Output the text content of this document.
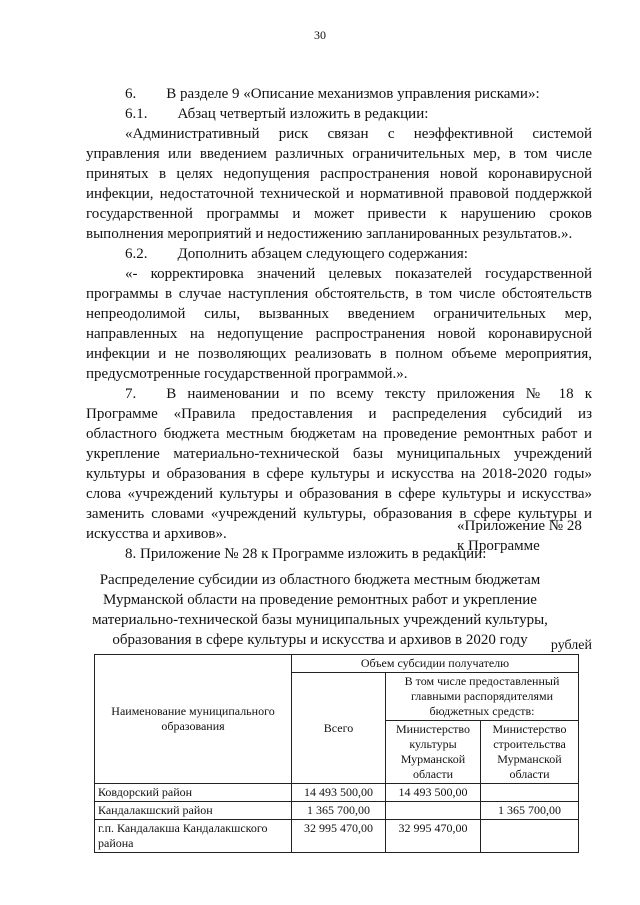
30
6.  В разделе 9 «Описание механизмов управления рисками»:
6.1.  Абзац четвертый изложить в редакции:
«Административный риск связан с неэффективной системой
управления или введением различных ограничительных мер, в том числе
принятых в целях недопущения распространения новой коронавирусной
инфекции, недостаточной технической и нормативной правовой поддержкой
государственной программы и может привести к нарушению сроков
выполнения мероприятий и недостижению запланированных результатов.».
6.2.  Дополнить абзацем следующего содержания:
«- корректировка значений целевых показателей государственной
программы в случае наступления обстоятельств, в том числе обстоятельств
непреодолимой силы, вызванных введением ограничительных мер,
направленных на недопущение распространения новой коронавирусной
инфекции и не позволяющих реализовать в полном объеме мероприятия,
предусмотренные государственной программой.».
7.  В наименовании и по всему тексту приложения № 18 к
Программе «Правила предоставления и распределения субсидий из
областного бюджета местным бюджетам на проведение ремонтных работ и
укрепление материально-технической базы муниципальных учреждений
культуры и образования в сфере культуры и искусства на 2018-2020 годы»
слова «учреждений культуры и образования в сфере культуры и искусства»
заменить словами «учреждений культуры, образования в сфере культуры и
искусства и архивов».
8. Приложение № 28 к Программе изложить в редакции:
«Приложение № 28
к Программе
Распределение субсидии из областного бюджета местным бюджетам
Мурманской области на проведение ремонтных работ и укрепление
материально-технической базы муниципальных учреждений культуры,
образования в сфере культуры и искусства и архивов в 2020 году	рублей
Наименование муниципального образования	Объем субсидии получателю		
	Всего	В том числе предоставленный главными распорядителями бюджетных средств:	
		Министерство культуры Мурманской области	Министерство строительства Мурманской области
Ковдорский район	14 493 500,00	14 493 500,00	
Кандалакшский район	1 365 700,00		1 365 700,00
г.п. Кандалакша Кандалакшского района	32 995 470,00	32 995 470,00	
